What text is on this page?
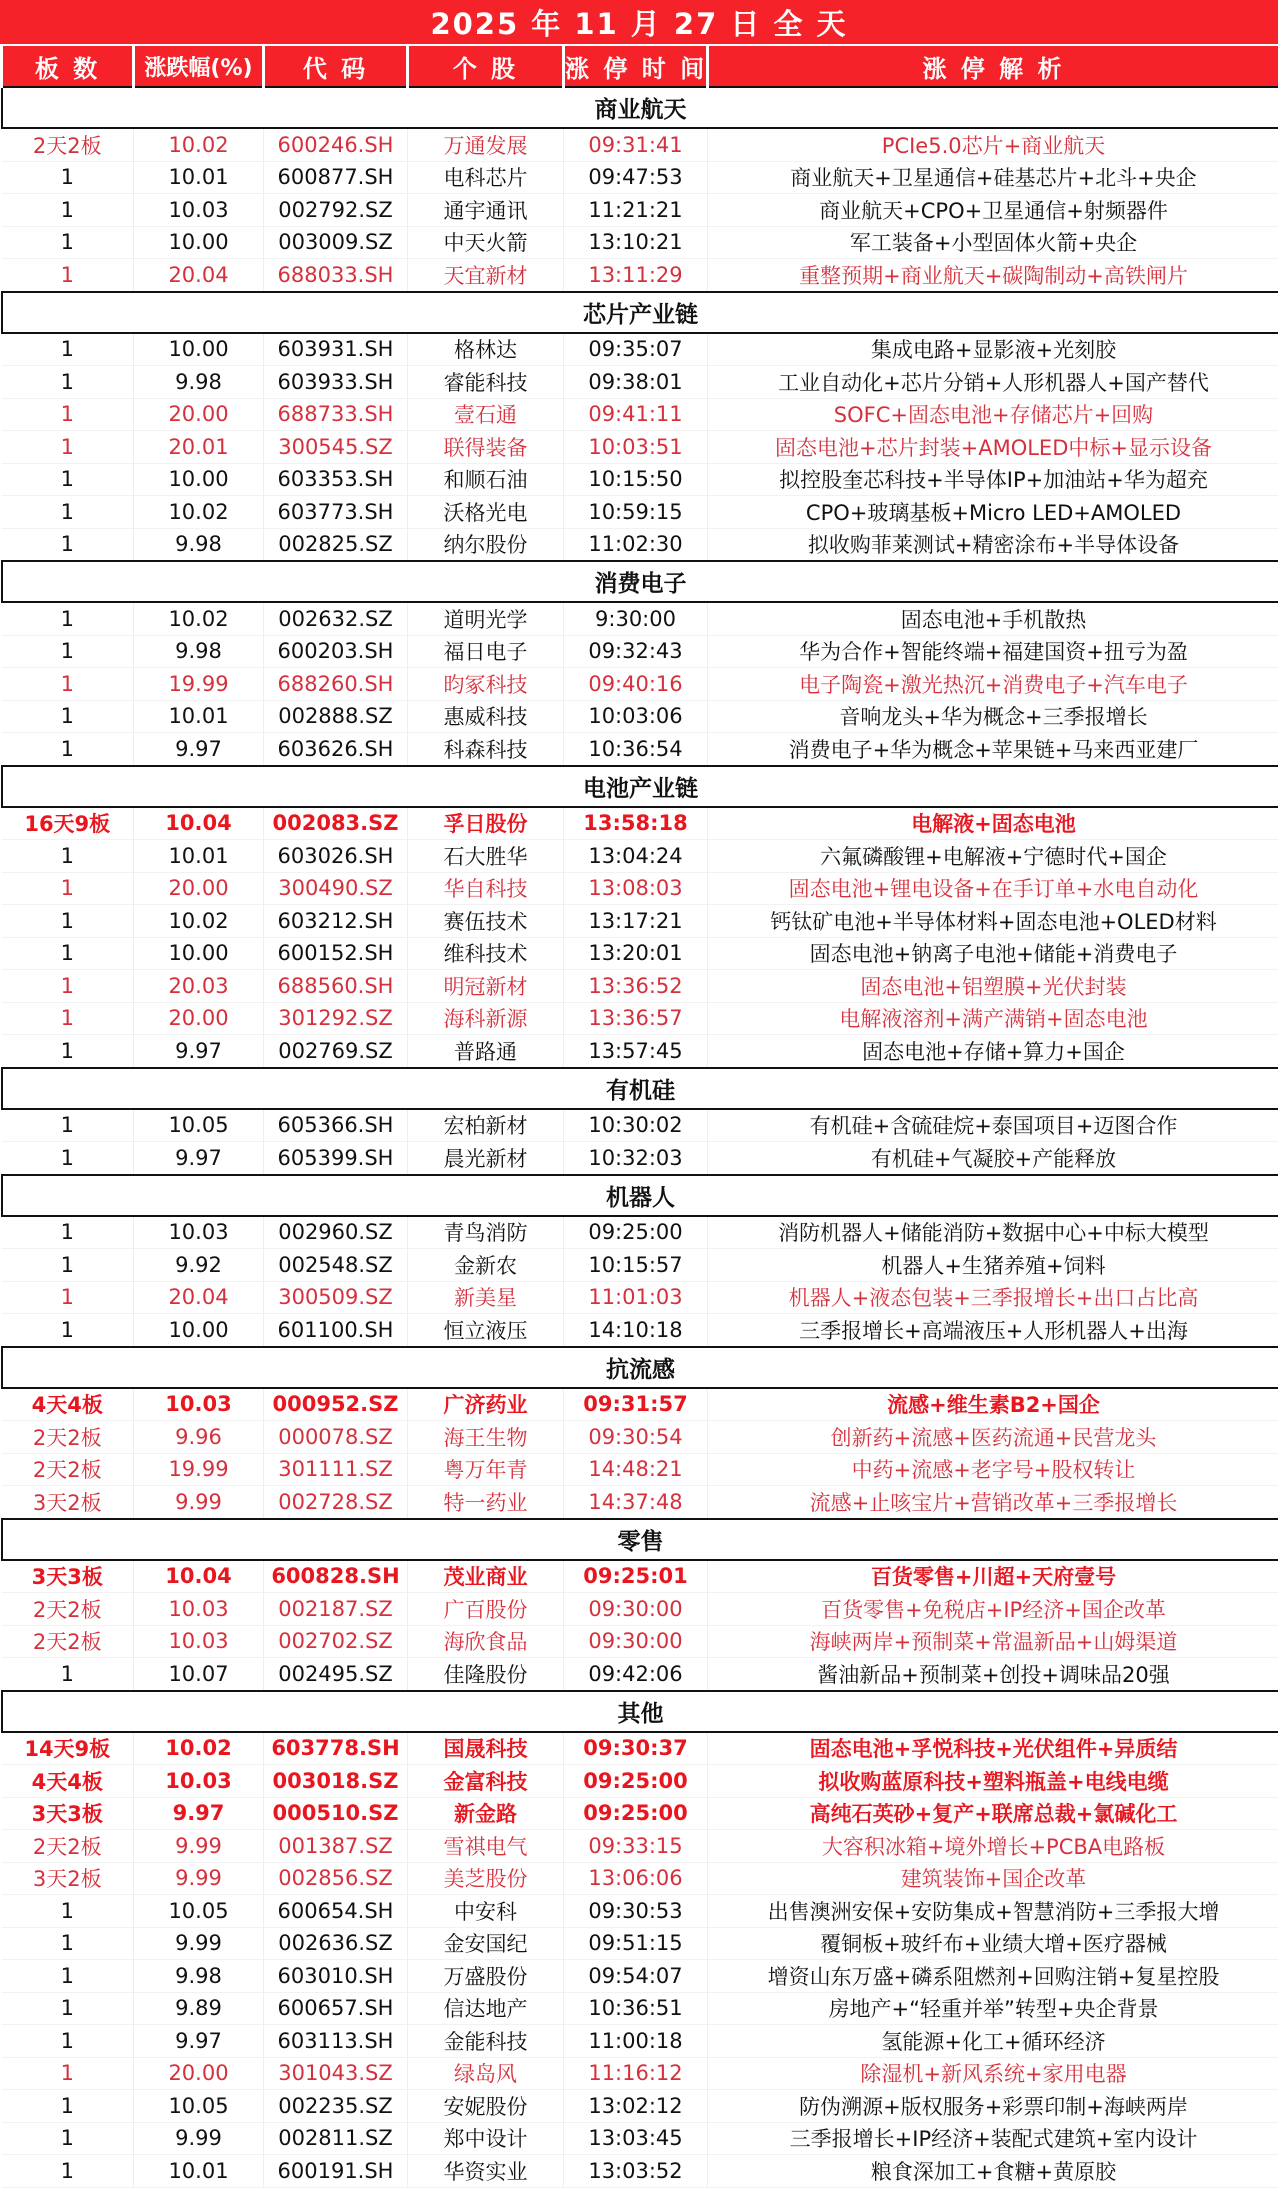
2025 年 11 月 27 日 全 天
板 数	涨跌幅(%)	代 码	个 股	涨 停 时 间	涨 停 解 析
商业航天					
2天2板	10.02	600246.SH	万通发展	09:31:41	PCIe5.0芯片+商业航天
1	10.01	600877.SH	电科芯片	09:47:53	商业航天+卫星通信+硅基芯片+北斗+央企
1	10.03	002792.SZ	通宇通讯	11:21:21	商业航天+CPO+卫星通信+射频器件
1	10.00	003009.SZ	中天火箭	13:10:21	军工装备+小型固体火箭+央企
1	20.04	688033.SH	天宜新材	13:11:29	重整预期+商业航天+碳陶制动+高铁闸片
芯片产业链					
1	10.00	603931.SH	格林达	09:35:07	集成电路+显影液+光刻胶
1	9.98	603933.SH	睿能科技	09:38:01	工业自动化+芯片分销+人形机器人+国产替代
1	20.00	688733.SH	壹石通	09:41:11	SOFC+固态电池+存储芯片+回购
1	20.01	300545.SZ	联得装备	10:03:51	固态电池+芯片封装+AMOLED中标+显示设备
1	10.00	603353.SH	和顺石油	10:15:50	拟控股奎芯科技+半导体IP+加油站+华为超充
1	10.02	603773.SH	沃格光电	10:59:15	CPO+玻璃基板+Micro LED+AMOLED
1	9.98	002825.SZ	纳尔股份	11:02:30	拟收购菲莱测试+精密涂布+半导体设备
消费电子					
1	10.02	002632.SZ	道明光学	9:30:00	固态电池+手机散热
1	9.98	600203.SH	福日电子	09:32:43	华为合作+智能终端+福建国资+扭亏为盈
1	19.99	688260.SH	昀冢科技	09:40:16	电子陶瓷+激光热沉+消费电子+汽车电子
1	10.01	002888.SZ	惠威科技	10:03:06	音响龙头+华为概念+三季报增长
1	9.97	603626.SH	科森科技	10:36:54	消费电子+华为概念+苹果链+马来西亚建厂
电池产业链					
16天9板	10.04	002083.SZ	孚日股份	13:58:18	电解液+固态电池
1	10.01	603026.SH	石大胜华	13:04:24	六氟磷酸锂+电解液+宁德时代+国企
1	20.00	300490.SZ	华自科技	13:08:03	固态电池+锂电设备+在手订单+水电自动化
1	10.02	603212.SH	赛伍技术	13:17:21	钙钛矿电池+半导体材料+固态电池+OLED材料
1	10.00	600152.SH	维科技术	13:20:01	固态电池+钠离子电池+储能+消费电子
1	20.03	688560.SH	明冠新材	13:36:52	固态电池+铝塑膜+光伏封装
1	20.00	301292.SZ	海科新源	13:36:57	电解液溶剂+满产满销+固态电池
1	9.97	002769.SZ	普路通	13:57:45	固态电池+存储+算力+国企
有机硅					
1	10.05	605366.SH	宏柏新材	10:30:02	有机硅+含硫硅烷+泰国项目+迈图合作
1	9.97	605399.SH	晨光新材	10:32:03	有机硅+气凝胶+产能释放
机器人					
1	10.03	002960.SZ	青鸟消防	09:25:00	消防机器人+储能消防+数据中心+中标大模型
1	9.92	002548.SZ	金新农	10:15:57	机器人+生猪养殖+饲料
1	20.04	300509.SZ	新美星	11:01:03	机器人+液态包装+三季报增长+出口占比高
1	10.00	601100.SH	恒立液压	14:10:18	三季报增长+高端液压+人形机器人+出海
抗流感					
4天4板	10.03	000952.SZ	广济药业	09:31:57	流感+维生素B2+国企
2天2板	9.96	000078.SZ	海王生物	09:30:54	创新药+流感+医药流通+民营龙头
2天2板	19.99	301111.SZ	粤万年青	14:48:21	中药+流感+老字号+股权转让
3天2板	9.99	002728.SZ	特一药业	14:37:48	流感+止咳宝片+营销改革+三季报增长
零售					
3天3板	10.04	600828.SH	茂业商业	09:25:01	百货零售+川超+天府壹号
2天2板	10.03	002187.SZ	广百股份	09:30:00	百货零售+免税店+IP经济+国企改革
2天2板	10.03	002702.SZ	海欣食品	09:30:00	海峡两岸+预制菜+常温新品+山姆渠道
1	10.07	002495.SZ	佳隆股份	09:42:06	酱油新品+预制菜+创投+调味品20强
其他					
14天9板	10.02	603778.SH	国晟科技	09:30:37	固态电池+孚悦科技+光伏组件+异质结
4天4板	10.03	003018.SZ	金富科技	09:25:00	拟收购蓝原科技+塑料瓶盖+电线电缆
3天3板	9.97	000510.SZ	新金路	09:25:00	高纯石英砂+复产+联席总裁+氯碱化工
2天2板	9.99	001387.SZ	雪祺电气	09:33:15	大容积冰箱+境外增长+PCBA电路板
3天2板	9.99	002856.SZ	美芝股份	13:06:06	建筑装饰+国企改革
1	10.05	600654.SH	中安科	09:30:53	出售澳洲安保+安防集成+智慧消防+三季报大增
1	9.99	002636.SZ	金安国纪	09:51:15	覆铜板+玻纤布+业绩大增+医疗器械
1	9.98	603010.SH	万盛股份	09:54:07	增资山东万盛+磷系阻燃剂+回购注销+复星控股
1	9.89	600657.SH	信达地产	10:36:51	房地产+“轻重并举”转型+央企背景
1	9.97	603113.SH	金能科技	11:00:18	氢能源+化工+循环经济
1	20.00	301043.SZ	绿岛风	11:16:12	除湿机+新风系统+家用电器
1	10.05	002235.SZ	安妮股份	13:02:12	防伪溯源+版权服务+彩票印制+海峡两岸
1	9.99	002811.SZ	郑中设计	13:03:45	三季报增长+IP经济+装配式建筑+室内设计
1	10.01	600191.SH	华资实业	13:03:52	粮食深加工+食糖+黄原胶
